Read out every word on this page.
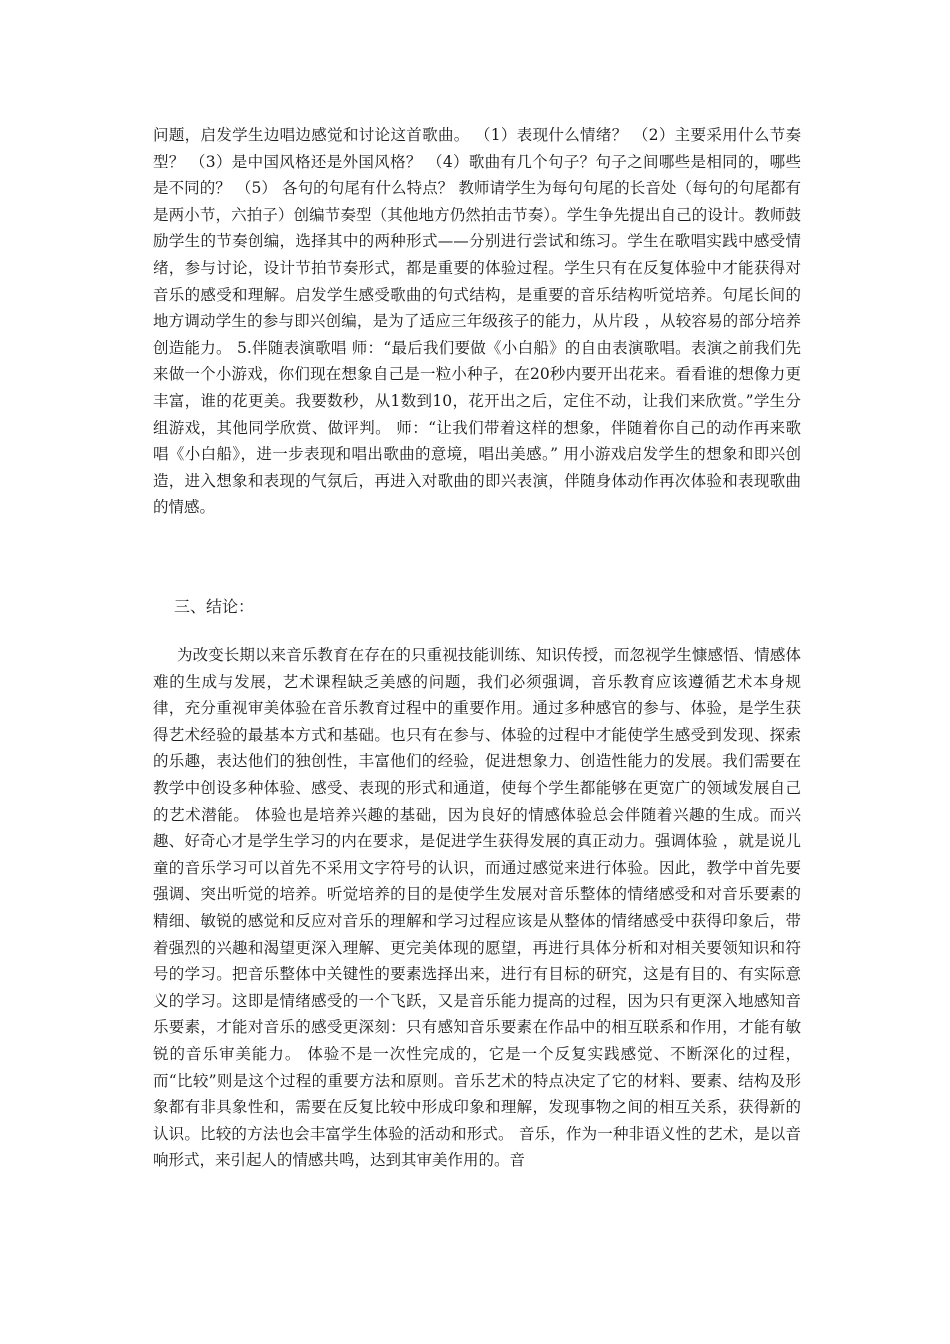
问题，启发学生边唱边感觉和讨论这首歌曲。 （1）表现什么情绪？ （2）主要采用什么节奏型？ （3）是中国风格还是外国风格？ （4）歌曲有几个句子？句子之间哪些是相同的，哪些是不同的？ （5） 各句的句尾有什么特点？ 教师请学生为每句句尾的长音处（每句的句尾都有是两小节，六拍子）创编节奏型（其他地方仍然拍击节奏）。学生争先提出自己的设计。教师鼓励学生的节奏创编，选择其中的两种形式——分别进行尝试和练习。学生在歌唱实践中感受情绪，参与讨论，设计节拍节奏形式，都是重要的体验过程。学生只有在反复体验中才能获得对音乐的感受和理解。启发学生感受歌曲的句式结构，是重要的音乐结构听觉培养。句尾长间的地方调动学生的参与即兴创编，是为了适应三年级孩子的能力，从片段 ，从较容易的部分培养创造能力。 5.伴随表演歌唱 师：“最后我们要做《小白船》的自由表演歌唱。表演之前我们先来做一个小游戏，你们现在想象自己是一粒小种子，在20秒内要开出花来。看看谁的想像力更丰富，谁的花更美。我要数秒，从1数到10，花开出之后，定住不动，让我们来欣赏。”学生分组游戏，其他同学欣赏、做评判。 师：“让我们带着这样的想象，伴随着你自己的动作再来歌唱《小白船》，进一步表现和唱出歌曲的意境，唱出美感。” 用小游戏启发学生的想象和即兴创造，进入想象和表现的气氛后，再进入对歌曲的即兴表演，伴随身体动作再次体验和表现歌曲的情感。

三、结论：

为改变长期以来音乐教育在存在的只重视技能训练、知识传授，而忽视学生慷感悟、情感体难的生成与发展，艺术课程缺乏美感的问题，我们必须强调，音乐教育应该遵循艺术本身规律，充分重视审美体验在音乐教育过程中的重要作用。通过多种感官的参与、体验，是学生获得艺术经验的最基本方式和基础。也只有在参与、体验的过程中才能使学生感受到发现、探索的乐趣，表达他们的独创性，丰富他们的经验，促进想象力、创造性能力的发展。我们需要在教学中创设多种体验、感受、表现的形式和通道，使每个学生都能够在更宽广的领域发展自己的艺术潜能。 体验也是培养兴趣的基础，因为良好的情感体验总会伴随着兴趣的生成。而兴趣、好奇心才是学生学习的内在要求，是促进学生获得发展的真正动力。强调体验 ，就是说儿童的音乐学习可以首先不采用文字符号的认识，而通过感觉来进行体验。因此，教学中首先要强调、突出听觉的培养。听觉培养的目的是使学生发展对音乐整体的情绪感受和对音乐要素的精细、敏锐的感觉和反应对音乐的理解和学习过程应该是从整体的情绪感受中获得印象后，带着强烈的兴趣和渴望更深入理解、更完美体现的愿望，再进行具体分析和对相关要领知识和符号的学习。把音乐整体中关键性的要素选择出来，进行有目标的研究，这是有目的、有实际意义的学习。这即是情绪感受的一个飞跃，又是音乐能力提高的过程，因为只有更深入地感知音乐要素，才能对音乐的感受更深刻：只有感知音乐要素在作品中的相互联系和作用，才能有敏锐的音乐审美能力。 体验不是一次性完成的，它是一个反复实践感觉、不断深化的过程，而“比较”则是这个过程的重要方法和原则。音乐艺术的特点决定了它的材料、要素、结构及形象都有非具象性和，需要在反复比较中形成印象和理解，发现事物之间的相互关系，获得新的认识。比较的方法也会丰富学生体验的活动和形式。 音乐，作为一种非语义性的艺术，是以音响形式，来引起人的情感共鸣，达到其审美作用的。音
